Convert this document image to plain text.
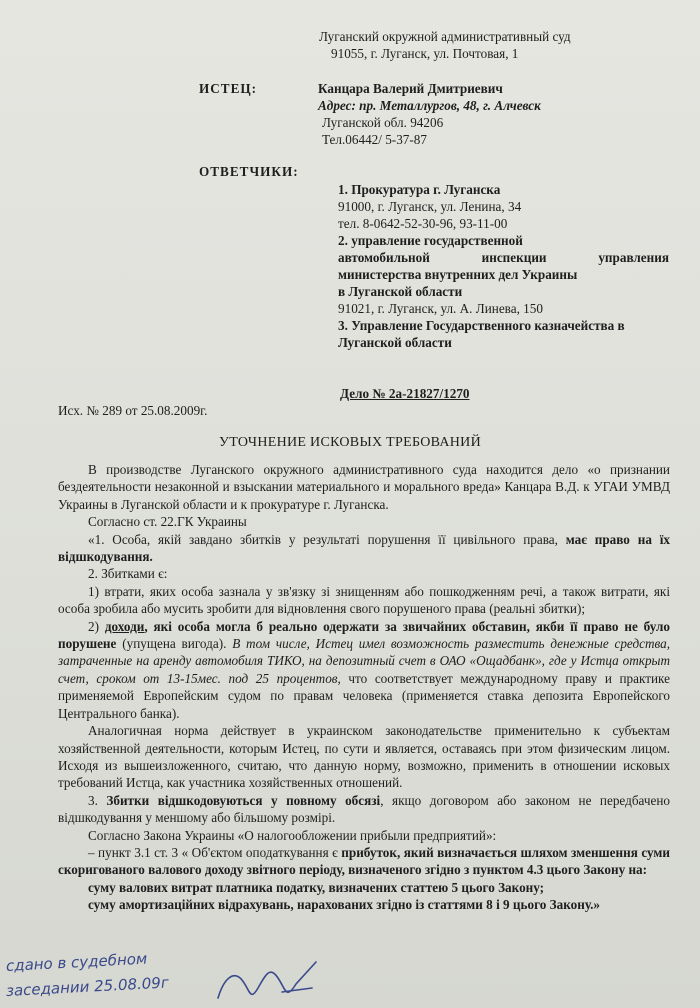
Луганский окружной административный суд
91055, г. Луганск, ул. Почтовая, 1
ИСТЕЦ:	Канцара Валерий Дмитриевич
Адрес: пр. Металлургов, 48, г. Алчевск
Луганской обл. 94206
Тел.06442/ 5-37-87
ОТВЕТЧИКИ:
1. Прокуратура г. Луганска
91000, г. Луганск, ул. Ленина, 34
тел. 8-0642-52-30-96, 93-11-00
2. управление государственной
автомобильной инспекции управления
министерства внутренних дел Украины
в Луганской области
91021, г. Луганск, ул. А. Линева, 150
3. Управление Государственного казначейства в
Луганской области
Дело № 2а-21827/1270
Исх. № 289 от 25.08.2009г.
УТОЧНЕНИЕ ИСКОВЫХ ТРЕБОВАНИЙ

В производстве Луганского окружного административного суда находится дело «о признании бездеятельности незаконной и взыскании материального и морального вреда» Канцара В.Д. к УГАИ УМВД Украины в Луганской области и к прокуратуре г. Луганска.

Согласно ст. 22.ГК Украины

«1. Особа, якій завдано збитків у результаті порушення її цивільного права, має право на їх відшкодування.

2. Збитками є:

1) втрати, яких особа зазнала у зв'язку зі знищенням або пошкодженням речі, а також витрати, які особа зробила або мусить зробити для відновлення свого порушеного права (реальні збитки);

2) доходи, які особа могла б реально одержати за звичайних обставин, якби її право не було порушене (упущена вигода). В том числе, Истец имел возможность разместить денежные средства, затраченные на аренду автомобиля ТИКО, на депозитный счет в ОАО «Ощадбанк», где у Истца открыт счет, сроком от 13-15мес. под 25 процентов, что соответствует международному праву и практике применяемой Европейским судом по правам человека (применяется ставка депозита Европейского Центрального банка).

Аналогичная норма действует в украинском законодательстве применительно к субъектам хозяйственной деятельности, которым Истец, по сути и является, оставаясь при этом физическим лицом. Исходя из вышеизложенного, считаю, что данную норму, возможно, применить в отношении исковых требований Истца, как участника хозяйственных отношений.

3. Збитки відшкодовуються у повному обсязі, якщо договором або законом не передбачено відшкодування у меншому або більшому розмірі.

Согласно Закона Украины «О налогообложении прибыли предприятий»:

– пункт 3.1 ст. 3 « Об'єктом оподаткування є прибуток, який визначається шляхом зменшення суми скоригованого валового доходу звітного періоду, визначеного згідно з пунктом 4.3 цього Закону на:

суму валових витрат платника податку, визначених статтею 5 цього Закону;

суму амортизаційних відрахувань, нарахованих згідно із статтями 8 і 9 цього Закону.»

сдано в судебном
заседании 25.08.09г
